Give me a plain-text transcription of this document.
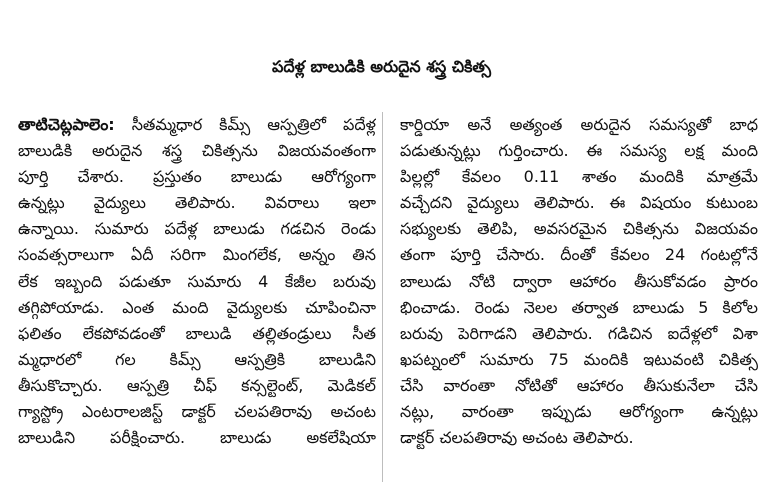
పదేళ్ల బాలుడికి అరుదైన శస్త్ర చికిత్స
తాటిచెట్లపాలెం: సీతమ్మధార కిమ్స్ ఆస్పత్రిలో పదేళ్ల
బాలుడికి అరుదైన శస్త్ర చికిత్సను విజయవంతంగా
పూర్తి చేశారు. ప్రస్తుతం బాలుడు ఆరోగ్యంగా
ఉన్నట్లు వైద్యులు తెలిపారు. వివరాలు ఇలా
ఉన్నాయి. సుమారు పదేళ్ల బాలుడు గడచిన రెండు
సంవత్సరాలుగా ఏదీ సరిగా మింగలేక, అన్నం తిన
లేక ఇబ్బంది పడుతూ సుమారు 4 కేజీల బరువు
తగ్గిపోయాడు. ఎంత మంది వైద్యులకు చూపించినా
ఫలితం లేకపోవడంతో బాలుడి తల్లితండ్రులు సీత
మ్మధారలో గల కిమ్స్ ఆస్పత్రికి బాలుడిని
తీసుకొచ్చారు. ఆస్పత్రి చీఫ్ కన్సల్టెంట్, మెడికల్
గ్యాస్ట్రో ఎంటరాలజిస్ట్ డాక్టర్ చలపతిరావు అచంట
బాలుడిని పరీక్షించారు. బాలుడు అకలేషియా
కార్డియా అనే అత్యంత అరుదైన సమస్యతో బాధ
పడుతున్నట్లు గుర్తించారు. ఈ సమస్య లక్ష మంది
పిల్లల్లో కేవలం 0.11 శాతం మందికి మాత్రమే
వచ్చేదని వైద్యులు తెలిపారు. ఈ విషయం కుటుంబ
సభ్యులకు తెలిపి, అవసరమైన చికిత్సను విజయవం
తంగా పూర్తి చేసారు. దీంతో కేవలం 24 గంటల్లోనే
బాలుడు నోటి ద్వారా ఆహారం తీసుకోవడం ప్రారం
భించాడు. రెండు నెలల తర్వాత బాలుడు 5 కిలోల
బరువు పెరిగాడని తెలిపారు. గడిచిన ఐదేళ్లలో విశా
ఖపట్నంలో సుమారు 75 మందికి ఇటువంటి చికిత్స
చేసి వారంతా నోటితో ఆహారం తీసుకునేలా చేసి
నట్లు, వారంతా ఇప్పుడు ఆరోగ్యంగా ఉన్నట్లు
డాక్టర్ చలపతిరావు అచంట తెలిపారు.
